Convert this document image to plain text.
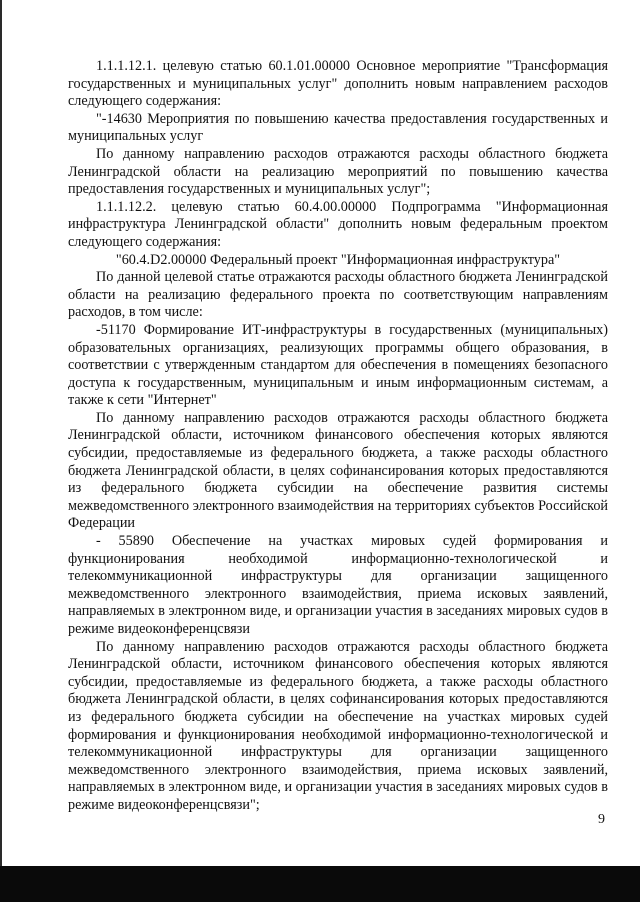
1.1.1.12.1. целевую статью 60.1.01.00000 Основное мероприятие "Трансформация государственных и муниципальных услуг" дополнить новым направлением расходов следующего содержания:

"-14630 Мероприятия по повышению качества предоставления государственных и муниципальных услуг

По данному направлению расходов отражаются расходы областного бюджета Ленинградской области на реализацию мероприятий по повышению качества предоставления государственных и муниципальных услуг";

1.1.1.12.2. целевую статью 60.4.00.00000 Подпрограмма "Информационная инфраструктура Ленинградской области" дополнить новым федеральным проектом следующего содержания:

"60.4.D2.00000 Федеральный проект "Информационная инфраструктура"

По данной целевой статье отражаются расходы областного бюджета Ленинградской области на реализацию федерального проекта по соответствующим направлениям расходов, в том числе:

-51170 Формирование ИТ-инфраструктуры в государственных (муниципальных) образовательных организациях, реализующих программы общего образования, в соответствии с утвержденным стандартом для обеспечения в помещениях безопасного доступа к государственным, муниципальным и иным информационным системам, а также к сети "Интернет"

По данному направлению расходов отражаются расходы областного бюджета Ленинградской области, источником финансового обеспечения которых являются субсидии, предоставляемые из федерального бюджета, а также расходы областного бюджета Ленинградской области, в целях софинансирования которых предоставляются из федерального бюджета субсидии на обеспечение развития системы межведомственного электронного взаимодействия на территориях субъектов Российской Федерации

- 55890 Обеспечение на участках мировых судей формирования и функционирования необходимой информационно-технологической и телекоммуникационной инфраструктуры для организации защищенного межведомственного электронного взаимодействия, приема исковых заявлений, направляемых в электронном виде, и организации участия в заседаниях мировых судов в режиме видеоконференцсвязи

По данному направлению расходов отражаются расходы областного бюджета Ленинградской области, источником финансового обеспечения которых являются субсидии, предоставляемые из федерального бюджета, а также расходы областного бюджета Ленинградской области, в целях софинансирования которых предоставляются из федерального бюджета субсидии на обеспечение на участках мировых судей формирования и функционирования необходимой информационно-технологической и телекоммуникационной инфраструктуры для организации защищенного межведомственного электронного взаимодействия, приема исковых заявлений, направляемых в электронном виде, и организации участия в заседаниях мировых судов в режиме видеоконференцсвязи";

9
